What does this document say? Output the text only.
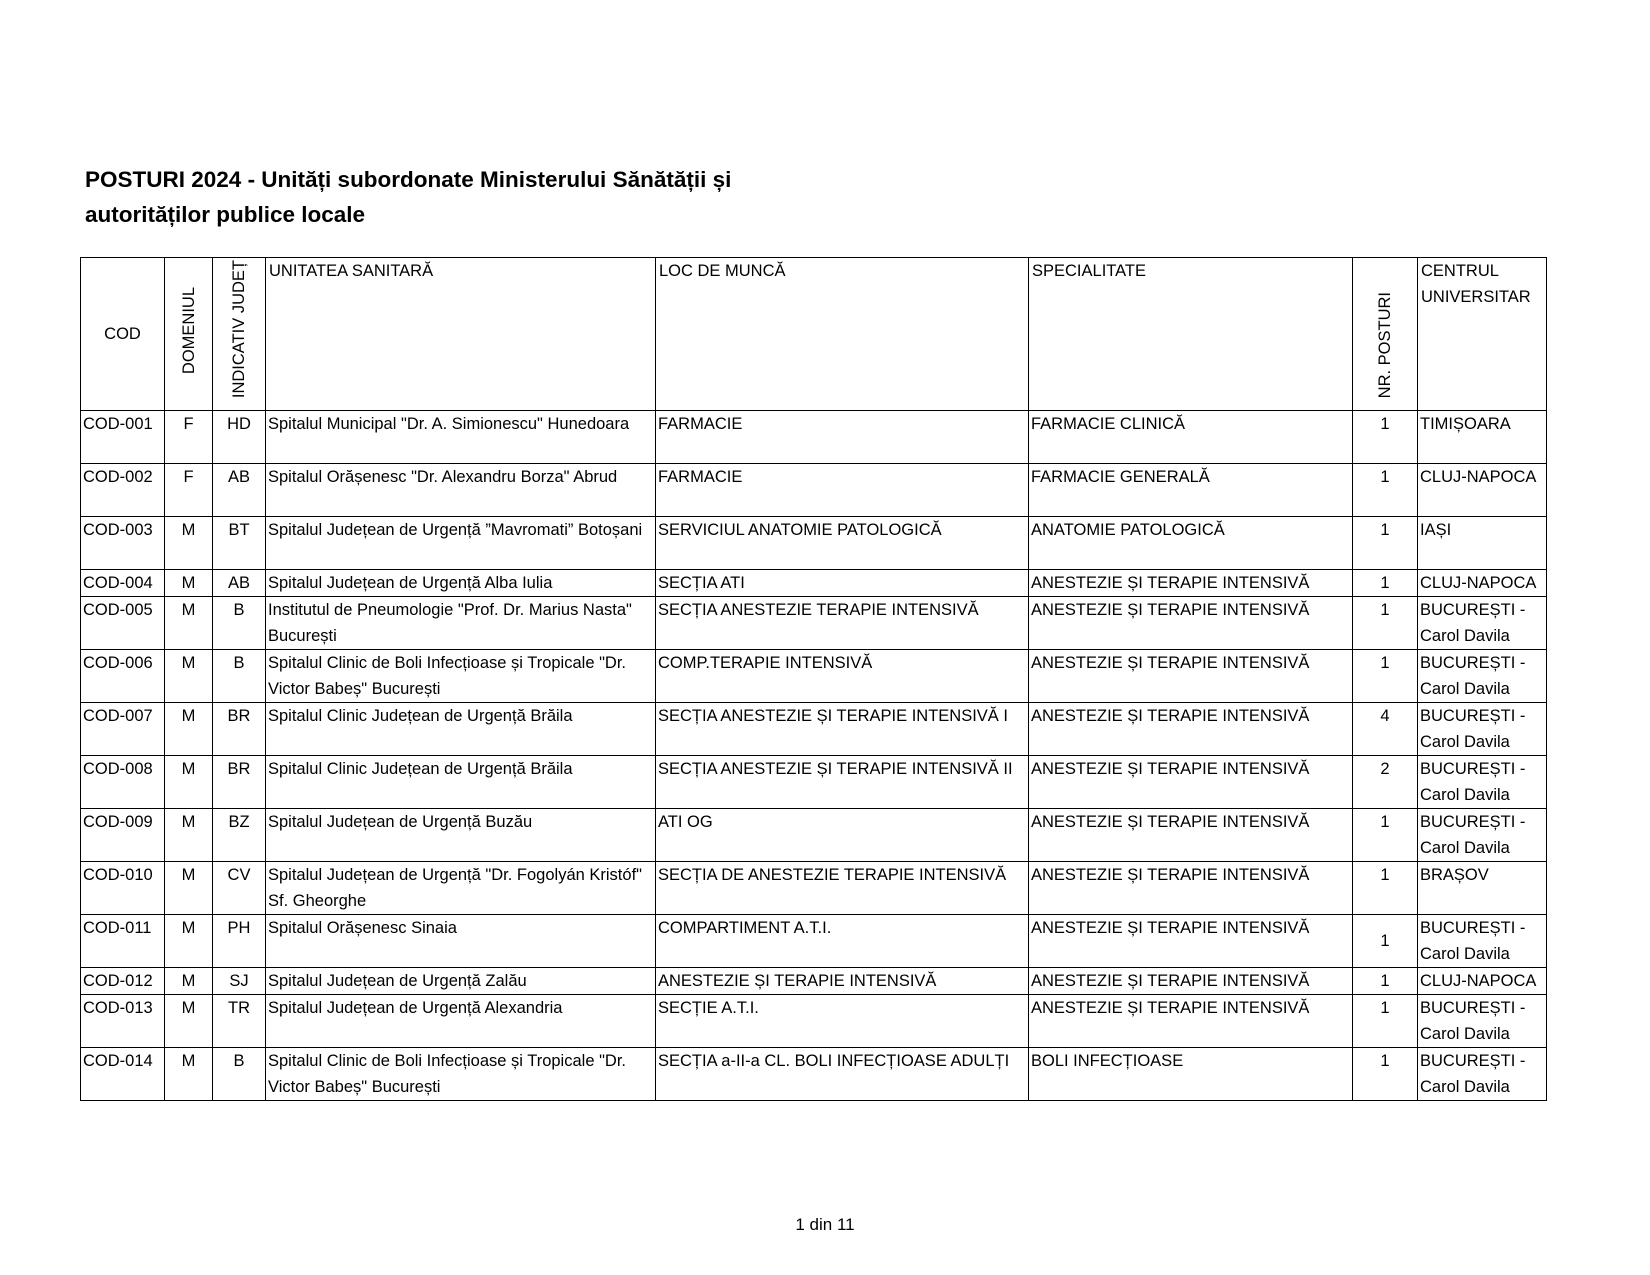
POSTURI 2024 - Unități subordonate Ministerului Sănătății și autorităților publice locale
COD	DOMENIUL	INDICATIV JUDEȚ	UNITATEA SANITARĂ	LOC DE MUNCĂ	SPECIALITATE	NR. POSTURI	CENTRUL UNIVERSITAR
COD-001	F	HD	Spitalul Municipal "Dr. A. Simionescu" Hunedoara	FARMACIE	FARMACIE CLINICĂ	1	TIMIȘOARA
COD-002	F	AB	Spitalul Orășenesc "Dr. Alexandru Borza" Abrud	FARMACIE	FARMACIE GENERALĂ	1	CLUJ-NAPOCA
COD-003	M	BT	Spitalul Județean de Urgență ”Mavromati” Botoșani	SERVICIUL ANATOMIE PATOLOGICĂ	ANATOMIE PATOLOGICĂ	1	IAȘI
COD-004	M	AB	Spitalul Județean de Urgență Alba Iulia	SECȚIA ATI	ANESTEZIE ȘI TERAPIE INTENSIVĂ	1	CLUJ-NAPOCA
COD-005	M	B	Institutul de Pneumologie "Prof. Dr. Marius Nasta" București	SECȚIA ANESTEZIE TERAPIE INTENSIVĂ	ANESTEZIE ȘI TERAPIE INTENSIVĂ	1	BUCUREȘTI - Carol Davila
COD-006	M	B	Spitalul Clinic de Boli Infecțioase și Tropicale "Dr. Victor Babeș" București	COMP.TERAPIE INTENSIVĂ	ANESTEZIE ȘI TERAPIE INTENSIVĂ	1	BUCUREȘTI - Carol Davila
COD-007	M	BR	Spitalul Clinic Județean de Urgență Brăila	SECȚIA ANESTEZIE ȘI TERAPIE INTENSIVĂ I	ANESTEZIE ȘI TERAPIE INTENSIVĂ	4	BUCUREȘTI - Carol Davila
COD-008	M	BR	Spitalul Clinic Județean de Urgență Brăila	SECȚIA ANESTEZIE ȘI TERAPIE INTENSIVĂ II	ANESTEZIE ȘI TERAPIE INTENSIVĂ	2	BUCUREȘTI - Carol Davila
COD-009	M	BZ	Spitalul Județean de Urgență Buzău	ATI OG	ANESTEZIE ȘI TERAPIE INTENSIVĂ	1	BUCUREȘTI - Carol Davila
COD-010	M	CV	Spitalul Județean de Urgență "Dr. Fogolyán Kristóf" Sf. Gheorghe	SECȚIA DE ANESTEZIE TERAPIE INTENSIVĂ	ANESTEZIE ȘI TERAPIE INTENSIVĂ	1	BRAȘOV
COD-011	M	PH	Spitalul Orășenesc Sinaia	COMPARTIMENT A.T.I.	ANESTEZIE ȘI TERAPIE INTENSIVĂ	1	BUCUREȘTI - Carol Davila
COD-012	M	SJ	Spitalul Județean de Urgență Zalău	ANESTEZIE ȘI TERAPIE INTENSIVĂ	ANESTEZIE ȘI TERAPIE INTENSIVĂ	1	CLUJ-NAPOCA
COD-013	M	TR	Spitalul Județean de Urgență Alexandria	SECȚIE A.T.I.	ANESTEZIE ȘI TERAPIE INTENSIVĂ	1	BUCUREȘTI - Carol Davila
COD-014	M	B	Spitalul Clinic de Boli Infecțioase și Tropicale "Dr. Victor Babeș" București	SECȚIA a-II-a CL. BOLI INFECȚIOASE ADULȚI	BOLI INFECȚIOASE	1	BUCUREȘTI - Carol Davila
1 din 11
